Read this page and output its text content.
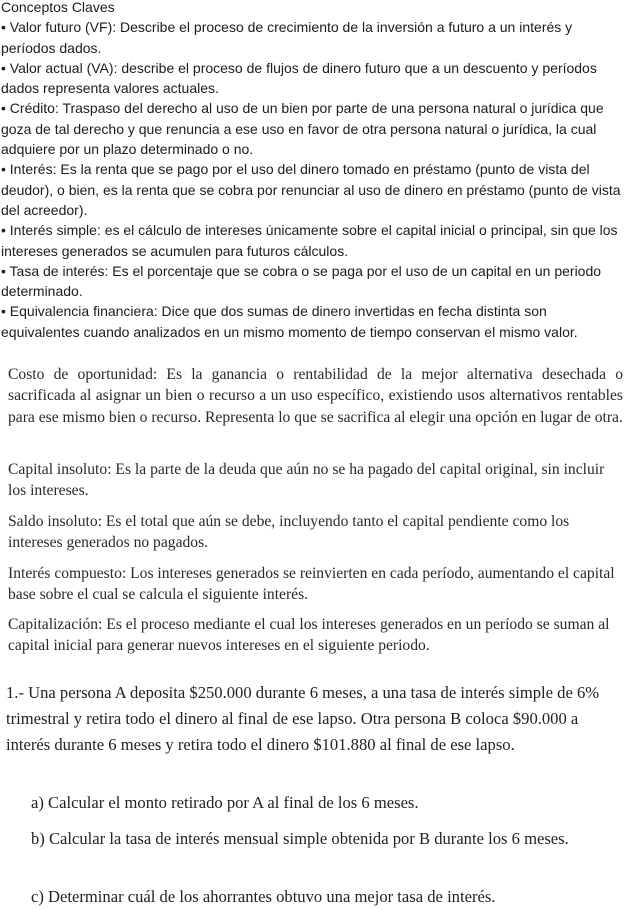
Conceptos Claves

• Valor futuro (VF): Describe el proceso de crecimiento de la inversión a futuro a un interés y períodos dados.

• Valor actual (VA): describe el proceso de flujos de dinero futuro que a un descuento y períodos dados representa valores actuales.

• Crédito: Traspaso del derecho al uso de un bien por parte de una persona natural o jurídica que goza de tal derecho y que renuncia a ese uso en favor de otra persona natural o jurídica, la cual adquiere por un plazo determinado o no.

• Interés: Es la renta que se pago por el uso del dinero tomado en préstamo (punto de vista del deudor), o bien, es la renta que se cobra por renunciar al uso de dinero en préstamo (punto de vista del acreedor).

• Interés simple: es el cálculo de intereses únicamente sobre el capital inicial o principal, sin que los intereses generados se acumulen para futuros cálculos.

• Tasa de interés: Es el porcentaje que se cobra o se paga por el uso de un capital en un periodo determinado.

• Equivalencia financiera: Dice que dos sumas de dinero invertidas en fecha distinta son equivalentes cuando analizados en un mismo momento de tiempo conservan el mismo valor.

Costo de oportunidad: Es la ganancia o rentabilidad de la mejor alternativa desechada o sacrificada al asignar un bien o recurso a un uso específico, existiendo usos alternativos rentables para ese mismo bien o recurso. Representa lo que se sacrifica al elegir una opción en lugar de otra.

Capital insoluto: Es la parte de la deuda que aún no se ha pagado del capital original, sin incluir los intereses.

Saldo insoluto: Es el total que aún se debe, incluyendo tanto el capital pendiente como los intereses generados no pagados.

Interés compuesto: Los intereses generados se reinvierten en cada período, aumentando el capital base sobre el cual se calcula el siguiente interés.

Capitalización: Es el proceso mediante el cual los intereses generados en un período se suman al capital inicial para generar nuevos intereses en el siguiente periodo.

1.- Una persona A deposita $250.000 durante 6 meses, a una tasa de interés simple de 6% trimestral y retira todo el dinero al final de ese lapso. Otra persona B coloca $90.000 a interés durante 6 meses y retira todo el dinero $101.880 al final de ese lapso.

a) Calcular el monto retirado por A al final de los 6 meses.

b) Calcular la tasa de interés mensual simple obtenida por B durante los 6 meses.

c) Determinar cuál de los ahorrantes obtuvo una mejor tasa de interés.
